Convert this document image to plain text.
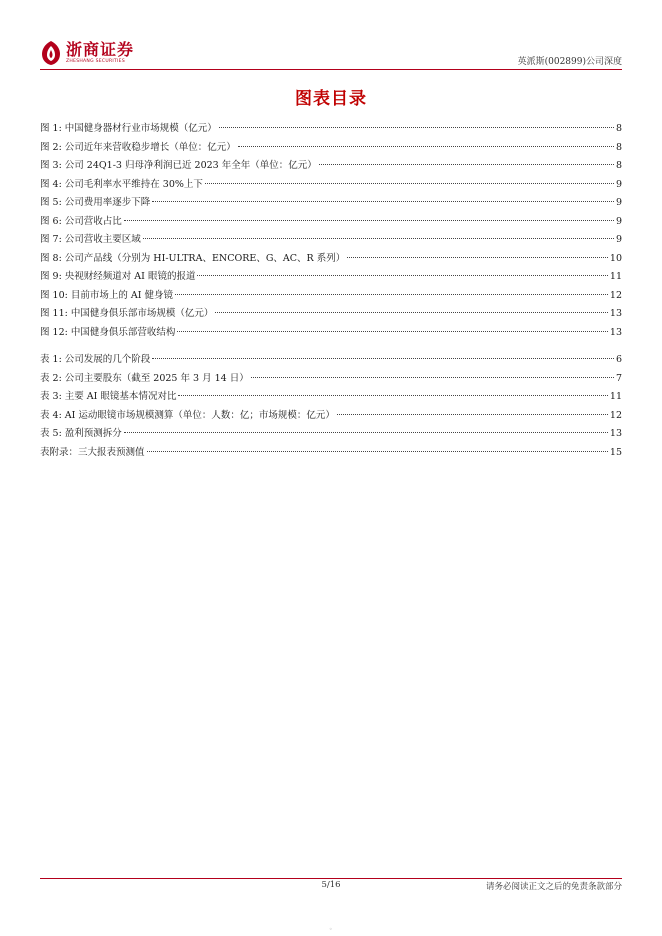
浙商证券
ZHESHANG SECURITIES	英派斯(002899)公司深度
图表目录
图 1: 中国健身器材行业市场规模（亿元）	8
图 2: 公司近年来营收稳步增长（单位：亿元）	8
图 3: 公司 24Q1-3 归母净利润已近 2023 年全年（单位：亿元）	8
图 4: 公司毛利率水平维持在 30%上下	9
图 5: 公司费用率逐步下降	9
图 6: 公司营收占比	9
图 7: 公司营收主要区域	9
图 8: 公司产品线（分别为 HI-ULTRA、ENCORE、G、AC、R 系列）	10
图 9: 央视财经频道对 AI 眼镜的报道	11
图 10: 目前市场上的 AI 健身镜	12
图 11: 中国健身俱乐部市场规模（亿元）	13
图 12: 中国健身俱乐部营收结构	13
表 1: 公司发展的几个阶段	6
表 2: 公司主要股东（截至 2025 年 3 月 14 日）	7
表 3: 主要 AI 眼镜基本情况对比	11
表 4: AI 运动眼镜市场规模测算（单位：人数：亿；市场规模：亿元）	12
表 5: 盈利预测拆分	13
表附录：三大报表预测值	15
5/16	请务必阅读正文之后的免责条款部分
◦
